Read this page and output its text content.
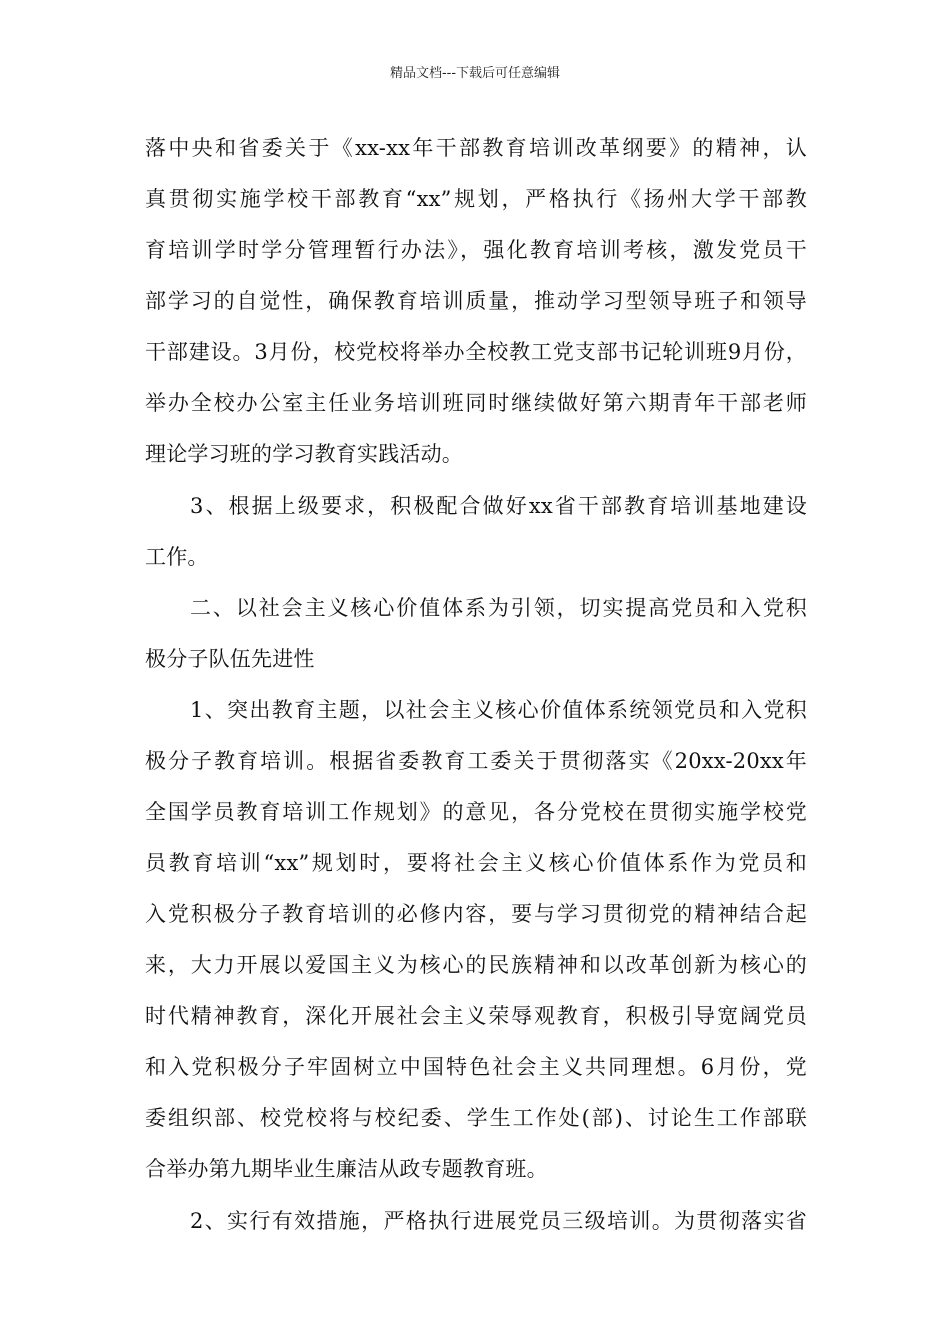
精品文档---下载后可任意编辑
落中央和省委关于《xx-xx年干部教育培训改革纲要》的精神，认
真贯彻实施学校干部教育“xx”规划，严格执行《扬州大学干部教
育培训学时学分管理暂行办法》，强化教育培训考核，激发党员干
部学习的自觉性，确保教育培训质量，推动学习型领导班子和领导
干部建设。3月份，校党校将举办全校教工党支部书记轮训班9月份，
举办全校办公室主任业务培训班同时继续做好第六期青年干部老师
理论学习班的学习教育实践活动。
3、根据上级要求，积极配合做好xx省干部教育培训基地建设
工作。
二、以社会主义核心价值体系为引领，切实提高党员和入党积
极分子队伍先进性
1、突出教育主题，以社会主义核心价值体系统领党员和入党积
极分子教育培训。根据省委教育工委关于贯彻落实《20xx-20xx年
全国学员教育培训工作规划》的意见，各分党校在贯彻实施学校党
员教育培训“xx”规划时，要将社会主义核心价值体系作为党员和
入党积极分子教育培训的必修内容，要与学习贯彻党的精神结合起
来，大力开展以爱国主义为核心的民族精神和以改革创新为核心的
时代精神教育，深化开展社会主义荣辱观教育，积极引导宽阔党员
和入党积极分子牢固树立中国特色社会主义共同理想。6月份，党
委组织部、校党校将与校纪委、学生工作处(部)、讨论生工作部联
合举办第九期毕业生廉洁从政专题教育班。
2、实行有效措施，严格执行进展党员三级培训。为贯彻落实省
